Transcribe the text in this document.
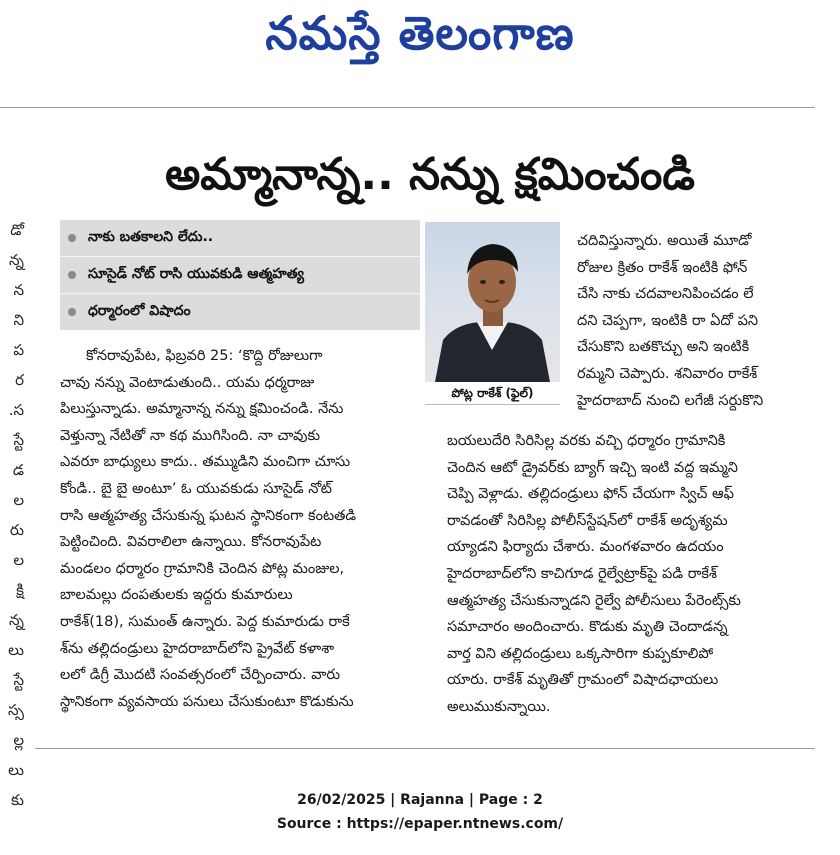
నమస్తే తెలంగాణ
అమ్మానాన్న.. నన్ను క్షమించండి
డో
న్న
న
ని
ప
ర
స.
స్టే
డ
ల
రు
ల
క్షి
న్న
లు
స్టే
స్స
ల్ల
లు
కు
నాకు బతకాలని లేదు..
సూసైడ్ నోట్ రాసి యువకుడి ఆత్మహత్య
ధర్మారంలో విషాదం
పోట్ల రాకేశ్ (ఫైల్)
కోనరావుపేట, ఫిబ్రవరి 25: ‘కొద్ది రోజులుగా
చావు నన్ను వెంటాడుతుంది.. యమ ధర్మరాజు
పిలుస్తున్నాడు. అమ్మానాన్న నన్ను క్షమించండి. నేను
వెళ్తున్నా నేటితో నా కథ ముగిసింది. నా చావుకు
ఎవరూ బాధ్యులు కాదు.. తమ్ముడిని మంచిగా చూసు
కోండి.. బై బై అంటూ’ ఓ యువకుడు సూసైడ్ నోట్
రాసి ఆత్మహత్య చేసుకున్న ఘటన స్థానికంగా కంటతడి
పెట్టించింది. వివరాలిలా ఉన్నాయి. కోనరావుపేట
మండలం ధర్మారం గ్రామానికి చెందిన పోట్ల మంజుల,
బాలమల్లు దంపతులకు ఇద్దరు కుమారులు
రాకేశ్(18), సుమంత్ ఉన్నారు. పెద్ద కుమారుడు రాకే
శ్‌ను తల్లిదండ్రులు హైదరాబాద్‌లోని ప్రైవేట్ కళాశా
లలో డిగ్రీ మొదటి సంవత్సరంలో చేర్పించారు. వారు
స్థానికంగా వ్యవసాయ పనులు చేసుకుంటూ కొడుకును
చదివిస్తున్నారు. అయితే మూడో
రోజుల క్రితం రాకేశ్ ఇంటికి ఫోన్
చేసి నాకు చదవాలనిపించడం లే
దని చెప్పగా, ఇంటికి రా ఏదో పని
చేసుకొని బతకొచ్చు అని ఇంటికి
రమ్మని చెప్పారు. శనివారం రాకేశ్
హైదరాబాద్ నుంచి లగేజీ సర్దుకొని
బయలుదేరి సిరిసిల్ల వరకు వచ్చి ధర్మారం గ్రామానికి
చెందిన ఆటో డ్రైవర్‌కు బ్యాగ్ ఇచ్చి ఇంటి వద్ద ఇమ్మని
చెప్పి వెళ్లాడు. తల్లిదండ్రులు ఫోన్ చేయగా స్విచ్ ఆఫ్
రావడంతో సిరిసిల్ల పోలీస్‌స్టేషన్‌లో రాకేశ్ అదృశ్యమ
య్యాడని ఫిర్యాదు చేశారు. మంగళవారం ఉదయం
హైదరాబాద్‌లోని కాచిగూడ రైల్వేట్రాక్‌పై పడి రాకేశ్
ఆత్మహత్య చేసుకున్నాడని రైల్వే పోలీసులు పేరెంట్స్‌కు
సమాచారం అందించారు. కొడుకు మృతి చెందాడన్న
వార్త విని తల్లిదండ్రులు ఒక్కసారిగా కుప్పకూలిపో
యారు. రాకేశ్ మృతితో గ్రామంలో విషాదఛాయలు
అలుముకున్నాయి.
26/02/2025 | Rajanna | Page : 2
Source : https://epaper.ntnews.com/
